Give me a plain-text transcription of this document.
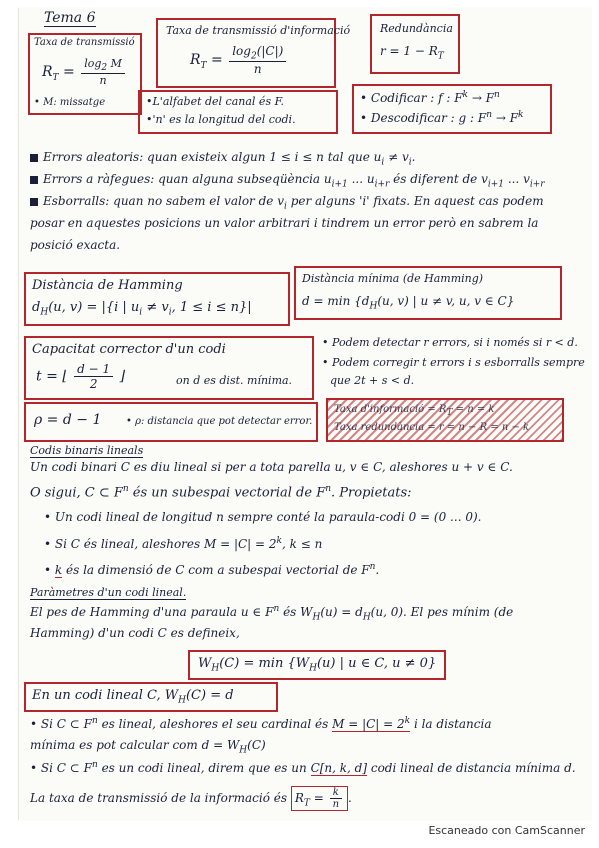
Tema 6
Taxa de transmissió
$R_T = \frac{\log_2 M}{n}$
• M: missatge
Taxa de transmissió d'informació
$R_T = \frac{\log_2(|C|)}{n}$
Redundància
$r = 1 - R_T$
•L'alfabet del canal és F.
•'n' es la longitud del codi.
• Codificar : f : $F^k \to F^n$
• Descodificar : g : $F^n \to F^k$
Errors aleatoris: quan existeix algun 1 ≤ i ≤ n tal que $u_i \ne v_i$.
Errors a ràfegues: quan alguna subseqüència $u_{i+1}$ ... $u_{i+r}$ és diferent de $v_{i+1}$ ... $v_{i+r}$
Esborralls: quan no sabem el valor de $v_i$ per alguns 'i' fixats. En aquest cas podem
posar en aquestes posicions un valor arbitrari i tindrem un error però en sabrem la
posició exacta.
Distància de Hamming
$d_H(u$, v) = |{i | $u_i \ne v_i$, 1 ≤ i ≤ n}|
Distància mínima (de Hamming)
$d = \min \{d_H(u$, v) | u ≠ v, u, v ∈ C}
Capacitat corrector d'un codi
t = ⌊ $\frac{d - 1}{2}$ ⌋	on d es dist. mínima.
• Podem detectar r errors, si i només si r < d.
• Podem corregir t errors i s esborralls sempre
que 2t + s < d.
ρ = d − 1 • ρ: distancia que pot detectar error.
Taxa d'informació = $R_T = n = k$
Taxa redundància = r = n − R = n − k
Codis binaris lineals
Un codi binari C es diu lineal si per a tota parella u, v ∈ C, aleshores u + v ∈ C.
O sigui, C ⊂ $F^n$ és un subespai vectorial de $F^n$. Propietats:
• Un codi lineal de longitud n sempre conté la paraula-codi 0 = (0 ... 0).
• Si C és lineal, aleshores $M = |C| = 2^k$, k ≤ n
• k és la dimensió de C com a subespai vectorial de $F^n$.
Paràmetres d'un codi lineal.
El pes de Hamming d'una paraula u ∈ $F^n$ és $W_H(u) = d_H(u$, 0). El pes mínim (de
Hamming) d'un codi C es defineix,
$W_H(C) = \min \{W_H(u)$ | u ∈ C, u ≠ 0}
En un codi lineal C, $W_H(C) = d$
• Si C ⊂ $F^n$ es lineal, aleshores el seu cardinal és $M = |C| = 2^k$ i la distancia
mínima es pot calcular com $d = W_H(C)$
• Si C ⊂ $F^n$ es un codi lineal, direm que es un C[n, k, d] codi lineal de distancia mínima d.
La taxa de transmissió de la informació és $R_T = \frac{k}{n}$ .
Escaneado con CamScanner
